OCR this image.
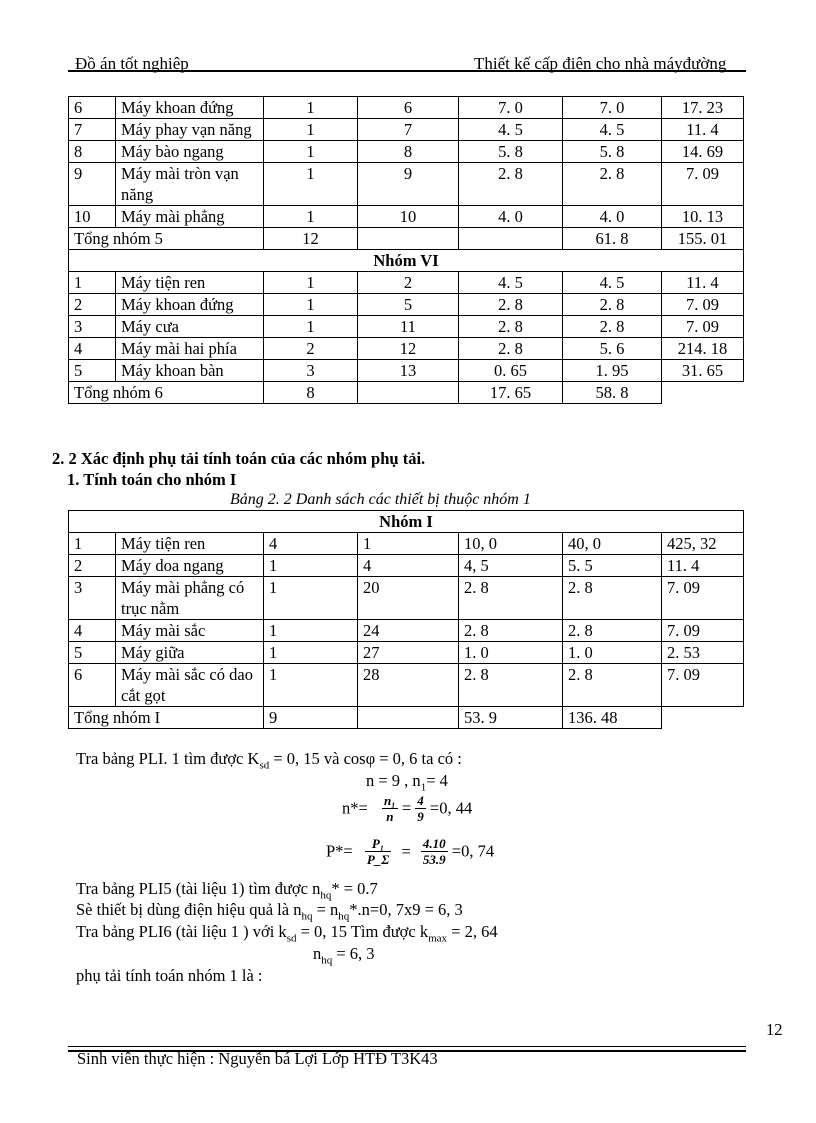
Đồ án tốt nghiệp	Thiết kế cấp điện cho nhà máyđường
6	Máy khoan đứng	1	6	7. 0	7. 0	17. 23
7	Máy phay vạn năng	1	7	4. 5	4. 5	11. 4
8	Máy bào ngang	1	8	5. 8	5. 8	14. 69
9	Máy mài tròn vạn năng	1	9	2. 8	2. 8	7. 09
10	Máy mài phẳng	1	10	4. 0	4. 0	10. 13
Tổng nhóm 5		12			61. 8	155. 01
Nhóm VI						
1	Máy tiện ren	1	2	4. 5	4. 5	11. 4
2	Máy khoan đứng	1	5	2. 8	2. 8	7. 09
3	Máy cưa	1	11	2. 8	2. 8	7. 09
4	Máy mài hai phía	2	12	2. 8	5. 6	214. 18
5	Máy khoan bàn	3	13	0. 65	1. 95	31. 65
Tổng nhóm 6		8		17. 65	58. 8	
2. 2 Xác định phụ tải tính toán của các nhóm phụ tải.
1. Tính toán cho nhóm I
Bảng 2. 2 Danh sách các thiết bị thuộc nhóm 1
Nhóm I						
1	Máy tiện ren	4	1	10, 0	40, 0	425, 32
2	Máy doa ngang	1	4	4, 5	5. 5	11. 4
3	Máy mài phẳng có trục nằm	1	20	2. 8	2. 8	7. 09
4	Máy mài sắc	1	24	2. 8	2. 8	7. 09
5	Máy giữa	1	27	1. 0	1. 0	2. 53
6	Máy mài sắc có dao cắt gọt	1	28	2. 8	2. 8	7. 09
Tổng nhóm I		9		53. 9	136. 48	
Tra bảng PLI. 1 tìm được $K_{sd} = 0$, 15 và cosφ = 0, 6 ta có :
n = 9 , $n_1= 4$
$n*= \frac{\text{n₁}}{n} = \frac{4}{9} =0$, 44
$P*= \frac{\text{P₁}}{P\_\Sigma} = \frac{4.10}{53.9} =0$, 74
Tra bảng PLI5 (tài liệu 1) tìm được $n_{hq}* = 0.7$
Sè thiết bị dùng điện hiệu quả là $n_{hq} = n_{hq}*.n=0$, 7x9 = 6, 3
Tra bảng PLI6 (tài liệu 1 ) với $k_{sd} = 0$, 15 Tìm được $k_{max} = 2$, 64
$n_{hq} = 6$, 3
phụ tải tính toán nhóm 1 là :
12
Sinh viên thực hiện : Nguyễn bá Lợi Lớp HTĐ T3K43
